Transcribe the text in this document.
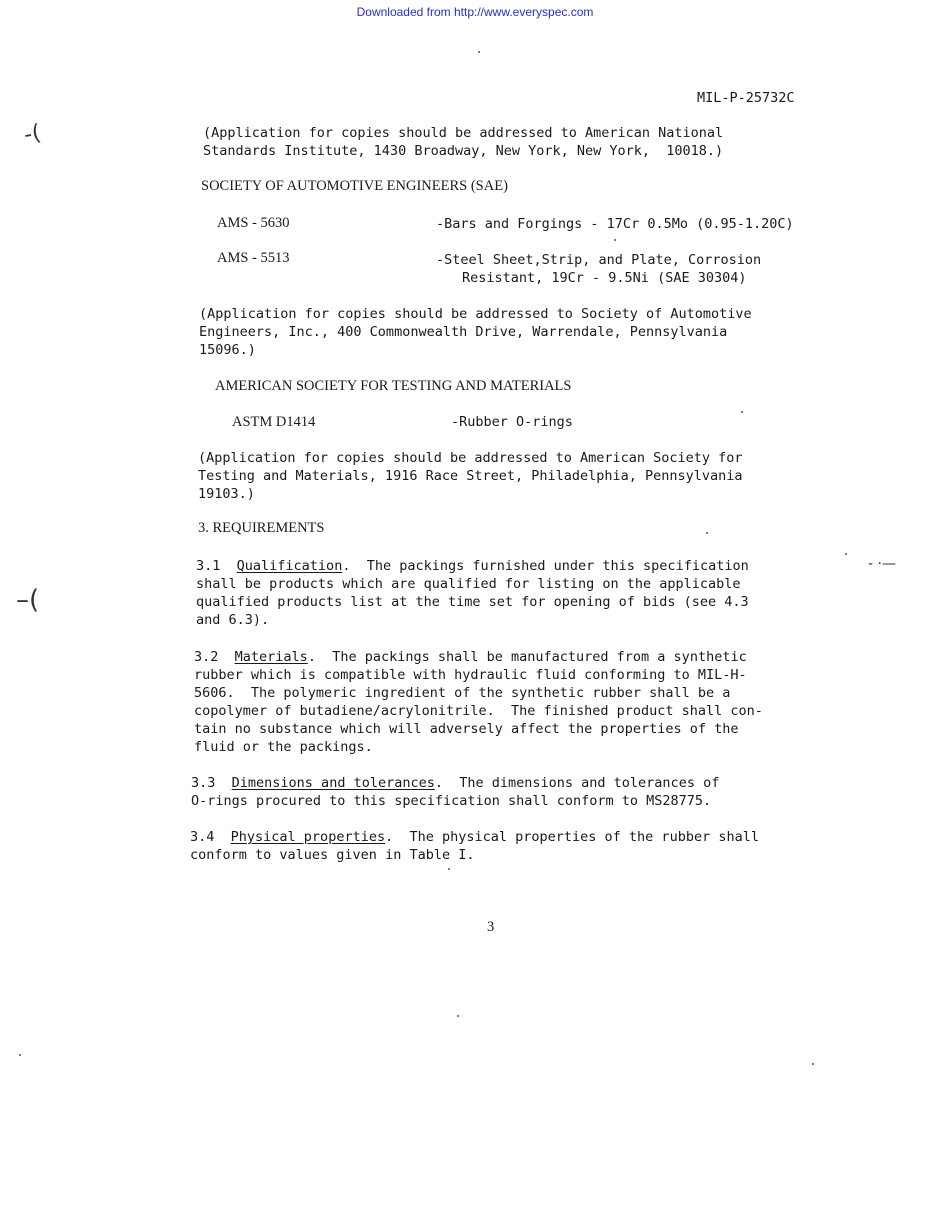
Downloaded from http://www.everyspec.com
MIL-P-25732C
(Application for copies should be addressed to American National
Standards Institute, 1430 Broadway, New York, New York,  10018.)
SOCIETY OF AUTOMOTIVE ENGINEERS (SAE)
AMS - 5630	-Bars and Forgings - 17Cr 0.5Mo (0.95-1.20C)
AMS - 5513	-Steel Sheet,Strip, and Plate, Corrosion
Resistant, 19Cr - 9.5Ni (SAE 30304)
(Application for copies should be addressed to Society of Automotive
Engineers, Inc., 400 Commonwealth Drive, Warrendale, Pennsylvania
15096.)
AMERICAN SOCIETY FOR TESTING AND MATERIALS
ASTM D1414	-Rubber O-rings
(Application for copies should be addressed to American Society for
Testing and Materials, 1916 Race Street, Philadelphia, Pennsylvania
19103.)
3. REQUIREMENTS
3.1 Qualification.  The packings furnished under this specification
shall be products which are qualified for listing on the applicable
qualified products list at the time set for opening of bids (see 4.3
and 6.3).
3.2 Materials.  The packings shall be manufactured from a synthetic
rubber which is compatible with hydraulic fluid conforming to MIL-H-
5606.  The polymeric ingredient of the synthetic rubber shall be a
copolymer of butadiene/acrylonitrile.  The finished product shall con-
tain no substance which will adversely affect the properties of the
fluid or the packings.
3.3 Dimensions and tolerances.  The dimensions and tolerances of
O-rings procured to this specification shall conform to MS28775.
3.4 Physical properties.  The physical properties of the rubber shall
conform to values given in Table I.
3
 -(
–(
- ·—
